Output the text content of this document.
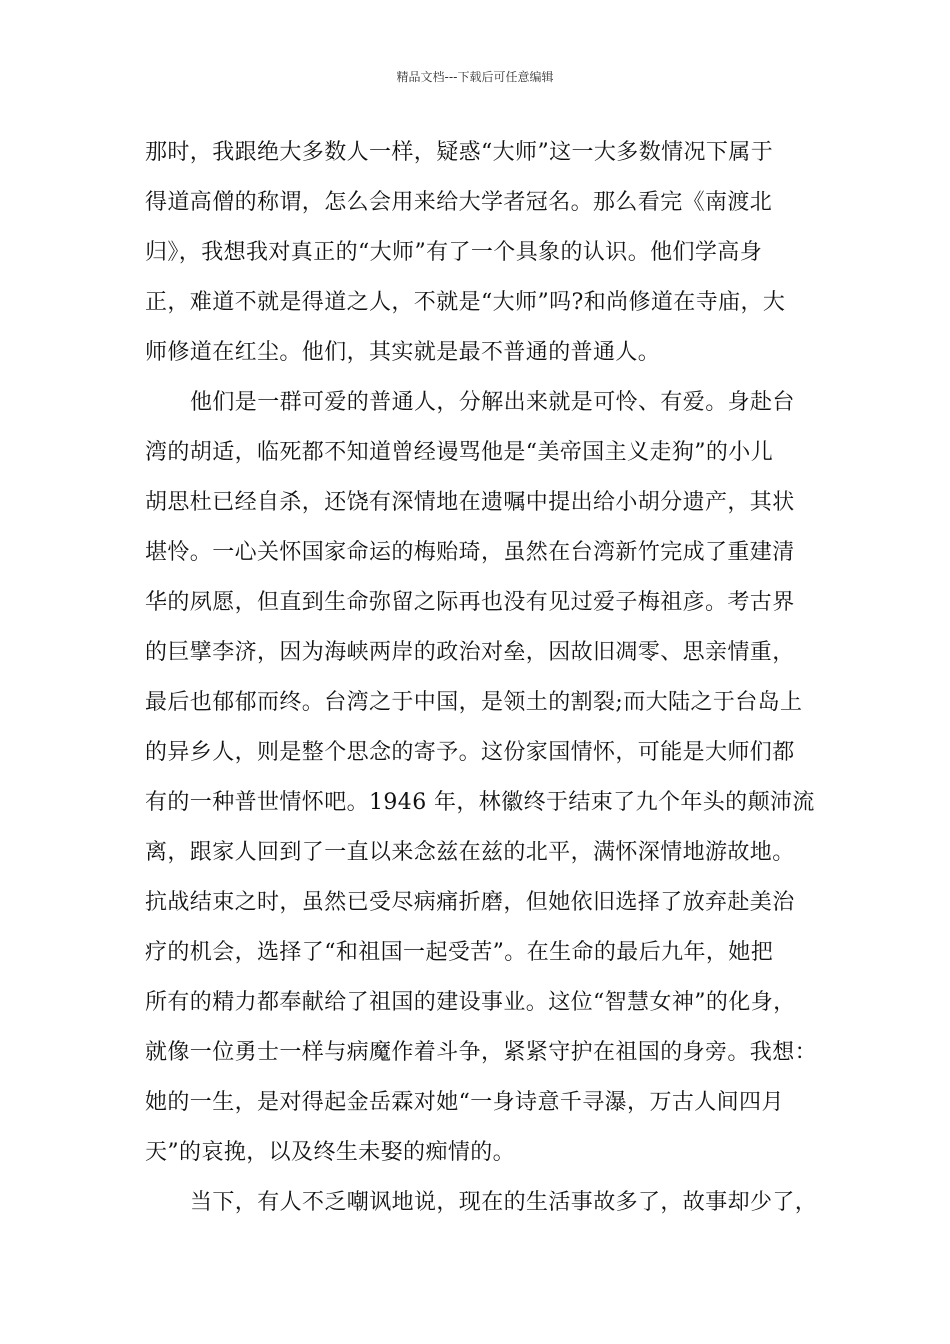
精品文档---下载后可任意编辑
那时，我跟绝大多数人一样，疑惑“大师”这一大多数情况下属于
得道高僧的称谓，怎么会用来给大学者冠名。那么看完《南渡北
归》，我想我对真正的“大师”有了一个具象的认识。他们学高身
正，难道不就是得道之人，不就是“大师”吗?和尚修道在寺庙，大
师修道在红尘。他们，其实就是最不普通的普通人。
他们是一群可爱的普通人，分解出来就是可怜、有爱。身赴台
湾的胡适，临死都不知道曾经谩骂他是“美帝国主义走狗”的小儿
胡思杜已经自杀，还饶有深情地在遗嘱中提出给小胡分遗产，其状
堪怜。一心关怀国家命运的梅贻琦，虽然在台湾新竹完成了重建清
华的夙愿，但直到生命弥留之际再也没有见过爱子梅祖彦。考古界
的巨擘李济，因为海峡两岸的政治对垒，因故旧凋零、思亲情重，
最后也郁郁而终。台湾之于中国，是领土的割裂;而大陆之于台岛上
的异乡人，则是整个思念的寄予。这份家国情怀，可能是大师们都
有的一种普世情怀吧。1946 年，林徽终于结束了九个年头的颠沛流
离，跟家人回到了一直以来念兹在兹的北平，满怀深情地游故地。
抗战结束之时，虽然已受尽病痛折磨，但她依旧选择了放弃赴美治
疗的机会，选择了“和祖国一起受苦”。在生命的最后九年，她把
所有的精力都奉献给了祖国的建设事业。这位“智慧女神”的化身，
就像一位勇士一样与病魔作着斗争，紧紧守护在祖国的身旁。我想：
她的一生，是对得起金岳霖对她“一身诗意千寻瀑，万古人间四月
天”的哀挽，以及终生未娶的痴情的。
当下，有人不乏嘲讽地说，现在的生活事故多了，故事却少了，
